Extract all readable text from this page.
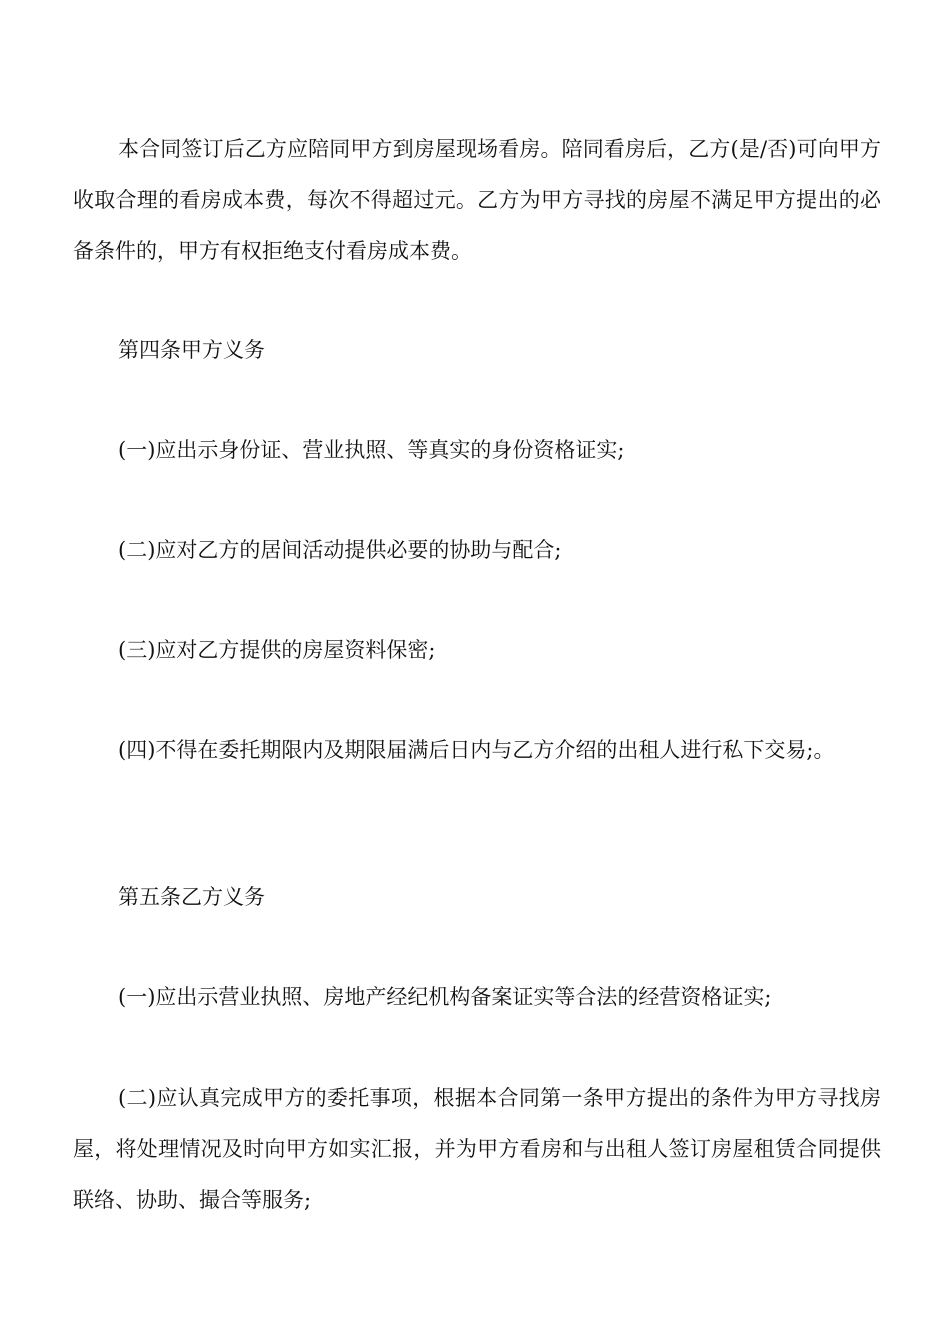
本合同签订后乙方应陪同甲方到房屋现场看房。陪同看房后，乙方(是/否)可向甲方收取合理的看房成本费，每次不得超过元。乙方为甲方寻找的房屋不满足甲方提出的必备条件的，甲方有权拒绝支付看房成本费。

第四条甲方义务

(一)应出示身份证、营业执照、等真实的身份资格证实;

(二)应对乙方的居间活动提供必要的协助与配合;

(三)应对乙方提供的房屋资料保密;

(四)不得在委托期限内及期限届满后日内与乙方介绍的出租人进行私下交易;。

第五条乙方义务

(一)应出示营业执照、房地产经纪机构备案证实等合法的经营资格证实;

(二)应认真完成甲方的委托事项，根据本合同第一条甲方提出的条件为甲方寻找房屋，将处理情况及时向甲方如实汇报，并为甲方看房和与出租人签订房屋租赁合同提供联络、协助、撮合等服务;
